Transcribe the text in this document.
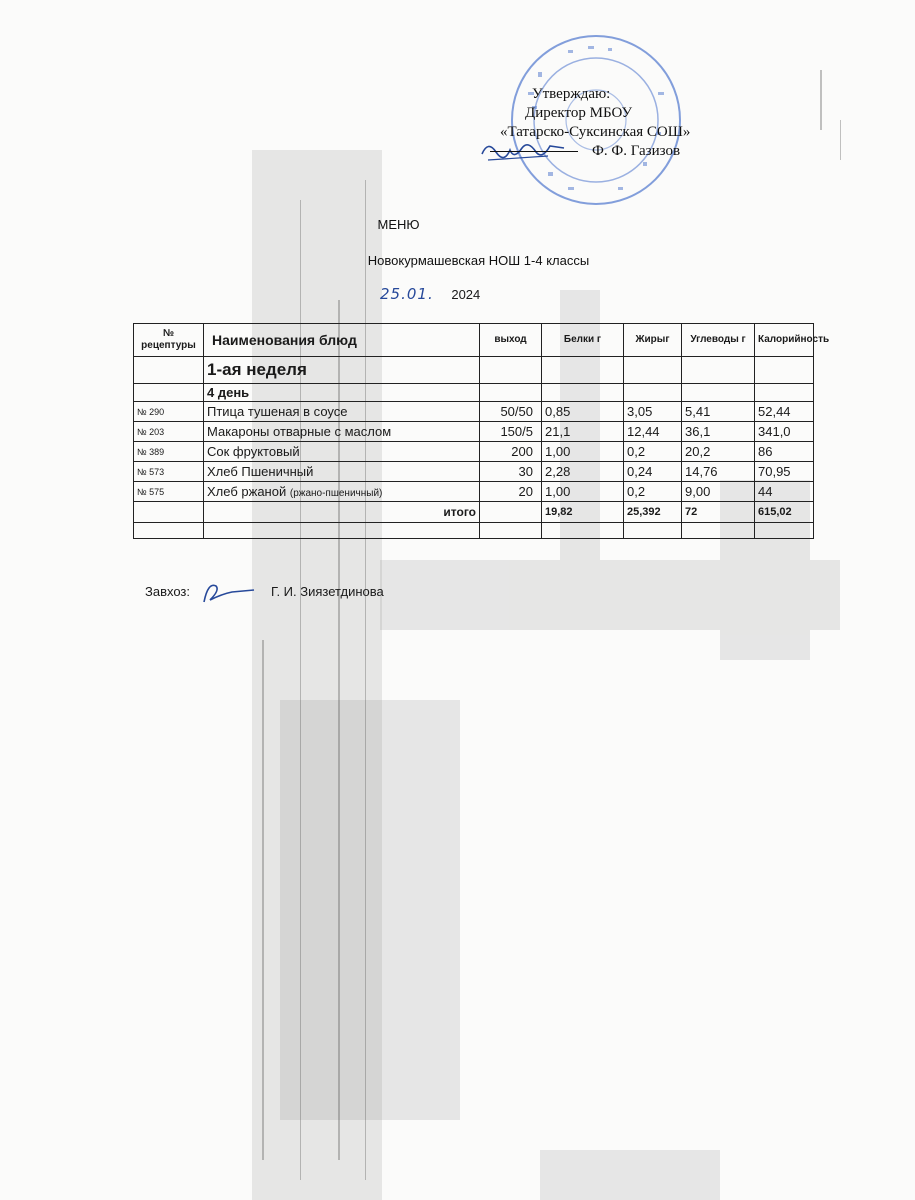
Утверждаю:
Директор МБОУ
«Татарско-Суксинская СОШ»
Ф. Ф. Газизов
МЕНЮ
Новокурмашевская НОШ 1-4 классы
25.01. 2024
№ рецептуры	Наименования блюд	выход	Белки г	Жирыг	Углеводы г	Калорийность
	1-ая неделя					
	4 день					
№ 290	Птица тушеная в соусе	50/50	0,85	3,05	5,41	52,44
№ 203	Макароны отварные с маслом	150/5	21,1	12,44	36,1	341,0
№ 389	Сок фруктовый	200	1,00	0,2	20,2	86
№ 573	Хлеб Пшеничный	30	2,28	0,24	14,76	70,95
№ 575	Хлеб ржаной (ржано-пшеничный)	20	1,00	0,2	9,00	44
	итого		19,82	25,392	72	615,02

Завхоз:	Г. И. Зиязетдинова
